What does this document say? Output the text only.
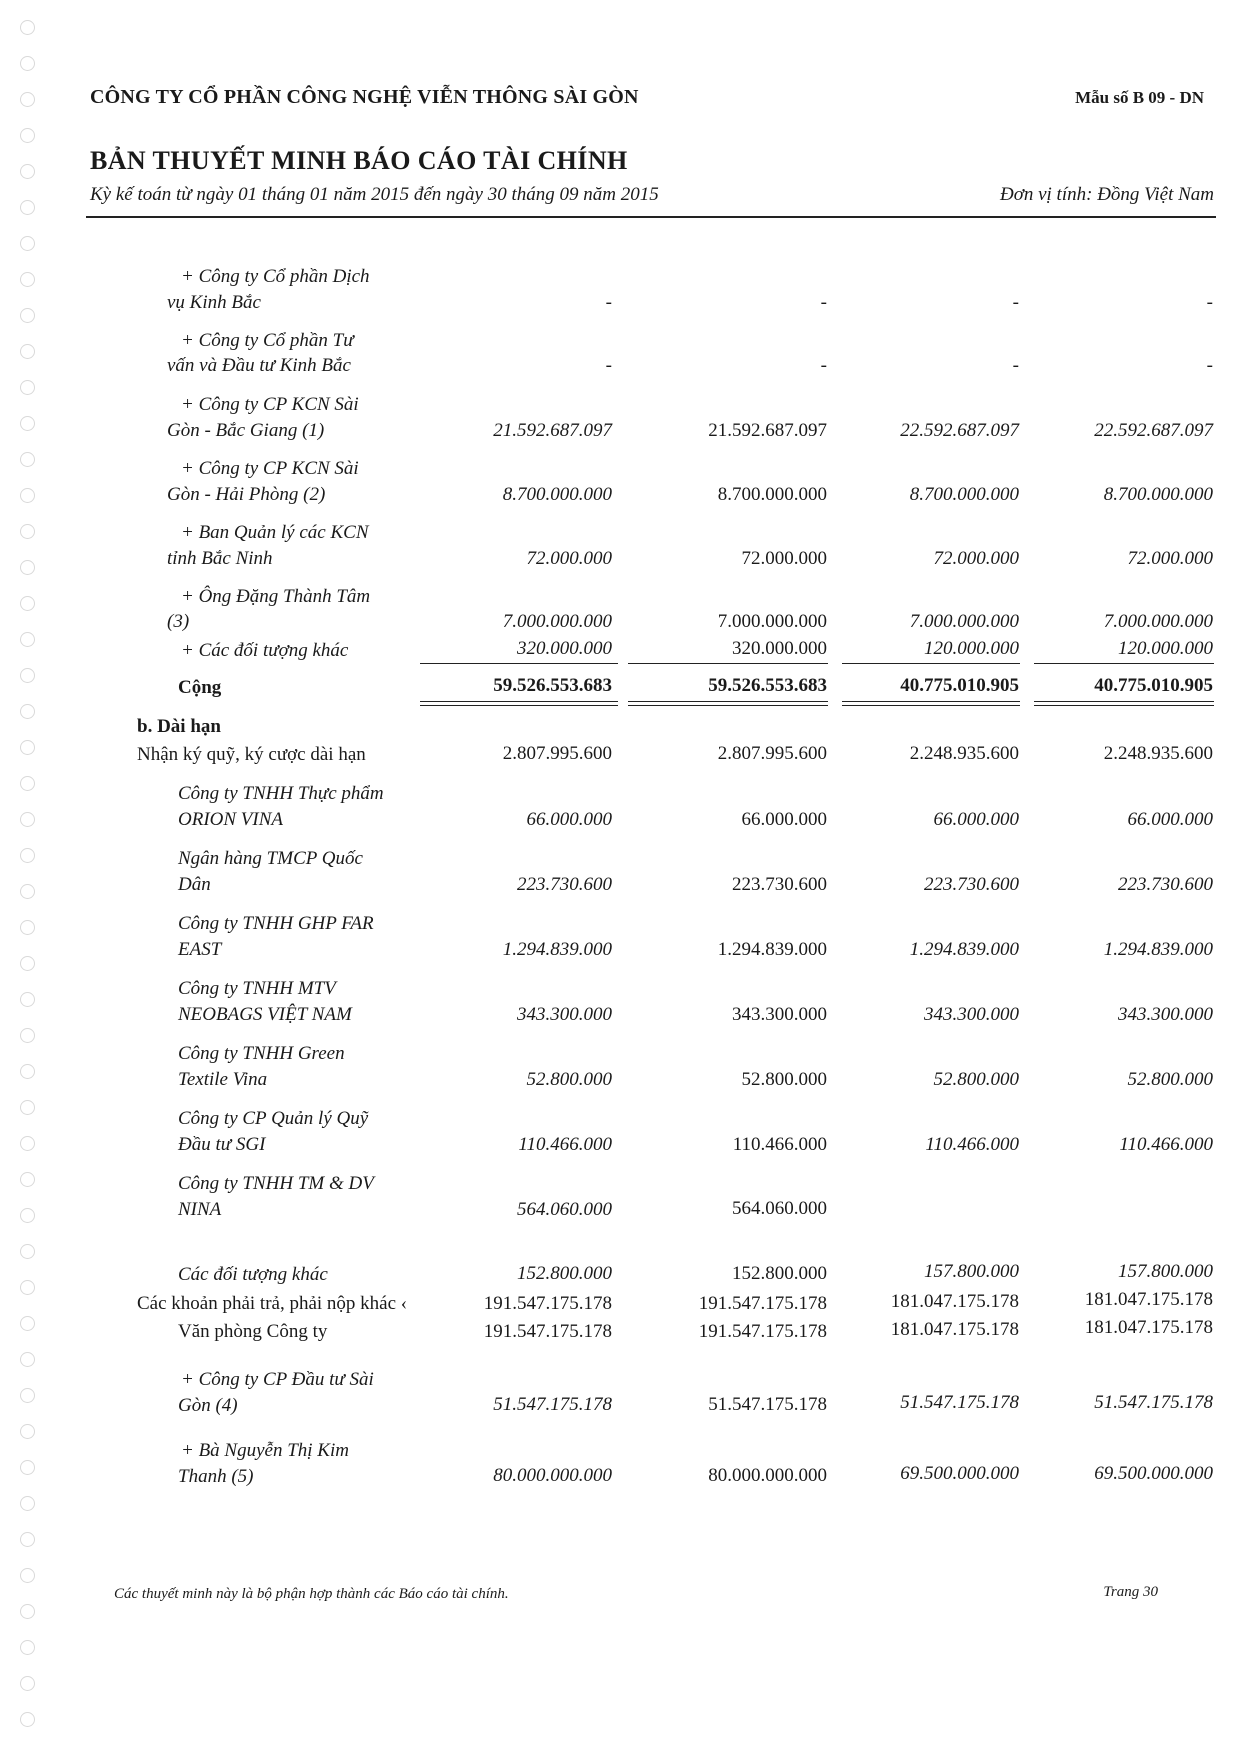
CÔNG TY CỔ PHẦN CÔNG NGHỆ VIỄN THÔNG SÀI GÒN	Mẫu số B 09 - DN
BẢN THUYẾT MINH BÁO CÁO TÀI CHÍNH
Kỳ kế toán từ ngày 01 tháng 01 năm 2015 đến ngày 30 tháng 09 năm 2015	Đơn vị tính: Đồng Việt Nam
+ Công ty Cổ phần Dịch
vụ Kinh Bắc	-	-	-	-
+ Công ty Cổ phần Tư
vấn và Đầu tư Kinh Bắc	-	-	-	-
+ Công ty CP KCN Sài
Gòn - Bắc Giang (1)	21.592.687.097	21.592.687.097	22.592.687.097	22.592.687.097
+ Công ty CP KCN Sài
Gòn - Hải Phòng (2)	8.700.000.000	8.700.000.000	8.700.000.000	8.700.000.000
+ Ban Quản lý các KCN
tỉnh Bắc Ninh	72.000.000	72.000.000	72.000.000	72.000.000
+ Ông Đặng Thành Tâm
(3)	7.000.000.000	7.000.000.000	7.000.000.000	7.000.000.000
+ Các đối tượng khác	320.000.000	320.000.000	120.000.000	120.000.000
Cộng	59.526.553.683	59.526.553.683	40.775.010.905	40.775.010.905
b. Dài hạn
Nhận ký quỹ, ký cược dài hạn	2.807.995.600	2.807.995.600	2.248.935.600	2.248.935.600
Công ty TNHH Thực phẩm
ORION VINA	66.000.000	66.000.000	66.000.000	66.000.000
Ngân hàng TMCP Quốc
Dân	223.730.600	223.730.600	223.730.600	223.730.600
Công ty TNHH GHP FAR
EAST	1.294.839.000	1.294.839.000	1.294.839.000	1.294.839.000
Công ty TNHH MTV
NEOBAGS VIỆT NAM	343.300.000	343.300.000	343.300.000	343.300.000
Công ty TNHH Green
Textile Vina	52.800.000	52.800.000	52.800.000	52.800.000
Công ty CP Quản lý Quỹ
Đầu tư SGI	110.466.000	110.466.000	110.466.000	110.466.000
Công ty TNHH TM & DV
NINA	564.060.000	564.060.000
Các đối tượng khác	152.800.000	152.800.000	157.800.000	157.800.000
Các khoản phải trả, phải nộp khác ‹	191.547.175.178	191.547.175.178	181.047.175.178	181.047.175.178
Văn phòng Công ty	191.547.175.178	191.547.175.178	181.047.175.178	181.047.175.178
+ Công ty CP Đầu tư Sài
Gòn (4)	51.547.175.178	51.547.175.178	51.547.175.178	51.547.175.178
+ Bà Nguyễn Thị Kim
Thanh (5)	80.000.000.000	80.000.000.000	69.500.000.000	69.500.000.000
Các thuyết minh này là bộ phận hợp thành các Báo cáo tài chính.	Trang 30
